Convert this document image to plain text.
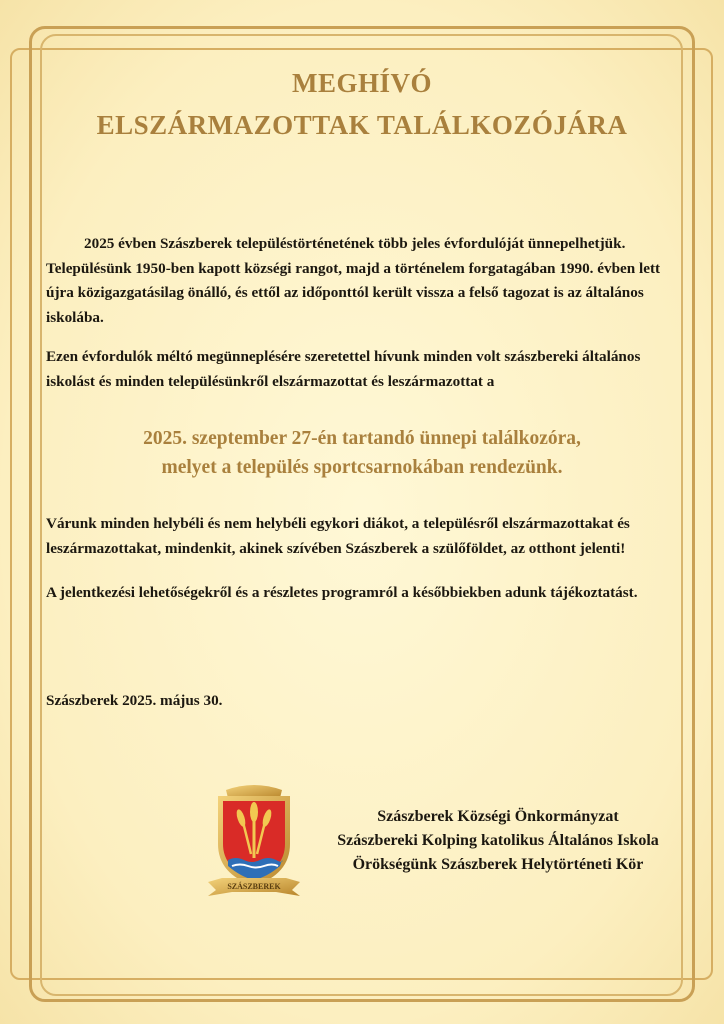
MEGHÍVÓ
ELSZÁRMAZOTTAK TALÁLKOZÓJÁRA
2025 évben Szászberek településtörténetének több jeles évfordulóját ünnepelhetjük. Településünk 1950-ben kapott községi rangot, majd a történelem forgatagában 1990. évben lett újra közigazgatásilag önálló, és ettől az időponttól került vissza a felső tagozat is az általános iskolába.
Ezen évfordulók méltó megünneplésére szeretettel hívunk minden volt szászbereki általános iskolást és minden településünkről elszármazottat és leszármazottat a
2025. szeptember 27-én tartandó ünnepi találkozóra,
melyet a település sportcsarnokában rendezünk.
Várunk minden helybéli és nem helybéli egykori diákot, a településről elszármazottakat és leszármazottakat, mindenkit, akinek szívében Szászberek a szülőföldet, az otthont jelenti!
A jelentkezési lehetőségekről és a részletes programról a későbbiekben adunk tájékoztatást.
Szászberek 2025. május 30.
SZÁSZBEREK
Szászberek Községi Önkormányzat
Szászbereki Kolping katolikus Általános Iskola
Örökségünk Szászberek Helytörténeti Kör
